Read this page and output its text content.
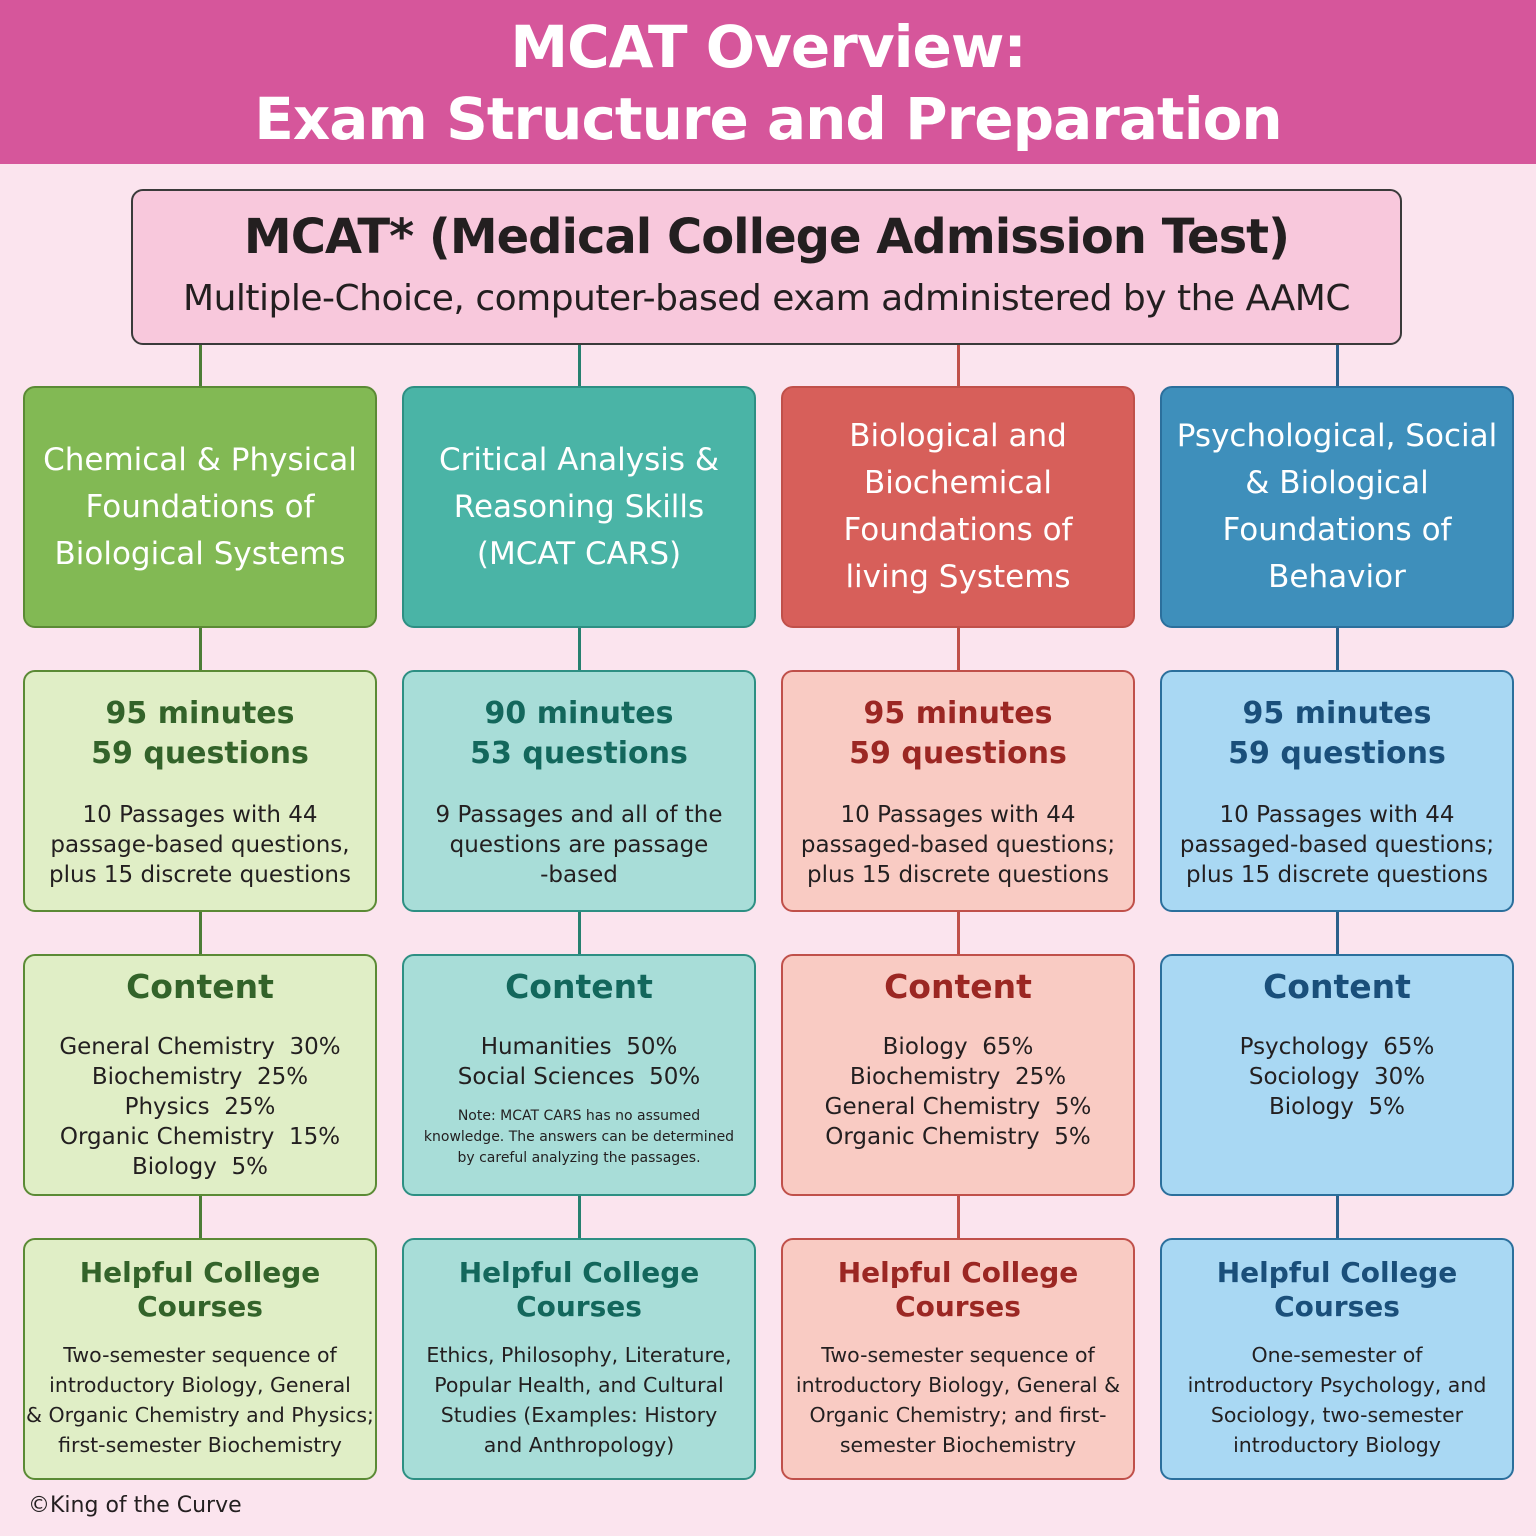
MCAT Overview:
Exam Structure and Preparation
MCAT* (Medical College Admission Test)
Multiple-Choice, computer-based exam administered by the AAMC
Chemical & Physical
Foundations of
Biological Systems
95 minutes
59 questions
10 Passages with 44
passage-based questions,
plus 15 discrete questions
Content
General Chemistry  30%
Biochemistry  25%
Physics  25%
Organic Chemistry  15%
Biology  5%
Helpful College
Courses
Two-semester sequence of
introductory Biology, General
& Organic Chemistry and Physics;
first-semester Biochemistry
Critical Analysis &
Reasoning Skills
(MCAT CARS)
90 minutes
53 questions
9 Passages and all of the
questions are passage
-based
Content
Humanities  50%
Social Sciences  50%
Note: MCAT CARS has no assumed
knowledge. The answers can be determined
by careful analyzing the passages.
Helpful College
Courses
Ethics, Philosophy, Literature,
Popular Health, and Cultural
Studies (Examples: History
and Anthropology)
Biological and
Biochemical
Foundations of
living Systems
95 minutes
59 questions
10 Passages with 44
passaged-based questions;
plus 15 discrete questions
Content
Biology  65%
Biochemistry  25%
General Chemistry  5%
Organic Chemistry  5%
Helpful College
Courses
Two-semester sequence of
introductory Biology, General &
Organic Chemistry; and first-
semester Biochemistry
Psychological, Social
& Biological
Foundations of
Behavior
95 minutes
59 questions
10 Passages with 44
passaged-based questions;
plus 15 discrete questions
Content
Psychology  65%
Sociology  30%
Biology  5%
Helpful College
Courses
One-semester of
introductory Psychology, and
Sociology, two-semester
introductory Biology
©King of the Curve
